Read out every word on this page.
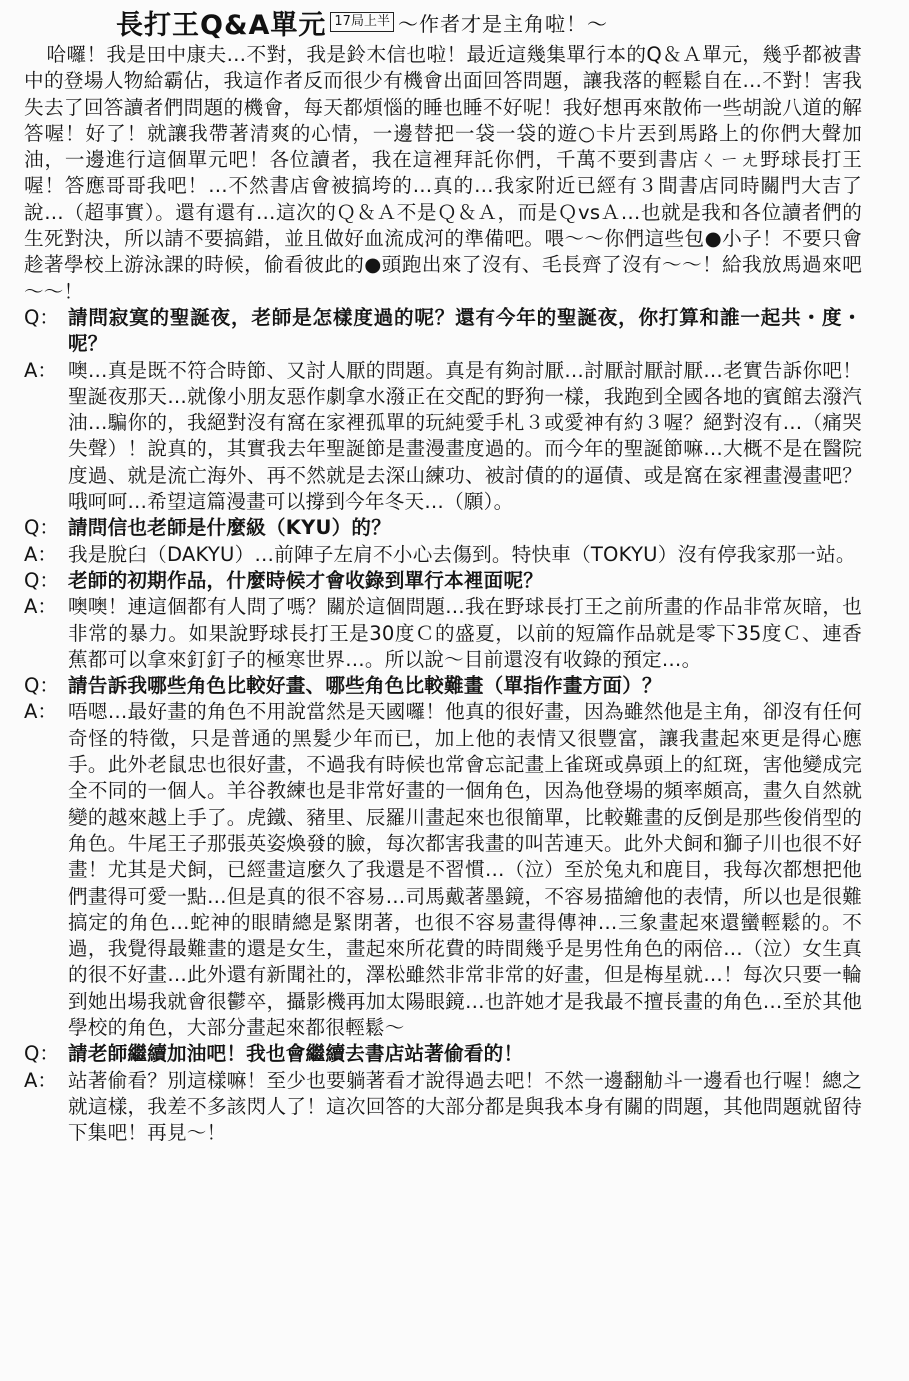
長打王Q&A單元 17局上半 ～作者才是主角啦！～

哈囉！我是田中康夫…不對，我是鈴木信也啦！最近這幾集單行本的Q＆Ａ單元，幾乎都被書中的登場人物給霸佔，我這作者反而很少有機會出面回答問題，讓我落的輕鬆自在…不對！害我失去了回答讀者們問題的機會，每天都煩惱的睡也睡不好呢！我好想再來散佈一些胡說八道的解答喔！好了！就讓我帶著清爽的心情，一邊替把一袋一袋的遊○卡片丟到馬路上的你們大聲加油，一邊進行這個單元吧！各位讀者，我在這裡拜託你們，千萬不要到書店ㄑㄧㄤ野球長打王喔！答應哥哥我吧！…不然書店會被搞垮的…真的…我家附近已經有３間書店同時關門大吉了說…（超事實）。還有還有…這次的Ｑ＆Ａ不是Ｑ＆Ａ，而是ＱvsＡ…也就是我和各位讀者們的生死對決，所以請不要搞錯，並且做好血流成河的準備吧。喂～～你們這些包●小子！不要只會趁著學校上游泳課的時候，偷看彼此的●頭跑出來了沒有、毛長齊了沒有～～！給我放馬過來吧～～！

Q： 請問寂寞的聖誕夜，老師是怎樣度過的呢？還有今年的聖誕夜，你打算和誰一起共・度・呢？
A： 噢…真是既不符合時節、又討人厭的問題。真是有夠討厭…討厭討厭討厭…老實告訴你吧！聖誕夜那天…就像小朋友惡作劇拿水潑正在交配的野狗一樣，我跑到全國各地的賓館去潑汽油…騙你的，我絕對沒有窩在家裡孤單的玩純愛手札３或愛神有約３喔？絕對沒有…（痛哭失聲）！說真的，其實我去年聖誕節是畫漫畫度過的。而今年的聖誕節嘛…大概不是在醫院度過、就是流亡海外、再不然就是去深山練功、被討債的的逼債、或是窩在家裡畫漫畫吧？哦呵呵…希望這篇漫畫可以撐到今年冬天…（願）。
Q： 請問信也老師是什麼級（KYU）的？
A： 我是脫臼（DAKYU）…前陣子左肩不小心去傷到。特快車（TOKYU）沒有停我家那一站。
Q： 老師的初期作品，什麼時候才會收錄到單行本裡面呢？
A： 噢噢！連這個都有人問了嗎？關於這個問題…我在野球長打王之前所畫的作品非常灰暗，也非常的暴力。如果說野球長打王是30度Ｃ的盛夏，以前的短篇作品就是零下35度Ｃ、連香蕉都可以拿來釘釘子的極寒世界…。所以說～目前還沒有收錄的預定…。
Q： 請告訴我哪些角色比較好畫、哪些角色比較難畫（單指作畫方面）？
A： 唔嗯…最好畫的角色不用說當然是天國囉！他真的很好畫，因為雖然他是主角，卻沒有任何奇怪的特徵，只是普通的黑髮少年而已，加上他的表情又很豐富，讓我畫起來更是得心應手。此外老鼠忠也很好畫，不過我有時候也常會忘記畫上雀斑或鼻頭上的紅斑，害他變成完全不同的一個人。羊谷教練也是非常好畫的一個角色，因為他登場的頻率頗高，畫久自然就變的越來越上手了。虎鐵、豬里、辰羅川畫起來也很簡單，比較難畫的反倒是那些俊俏型的角色。牛尾王子那張英姿煥發的臉，每次都害我畫的叫苦連天。此外犬飼和獅子川也很不好畫！尤其是犬飼，已經畫這麼久了我還是不習慣…（泣）至於兔丸和鹿目，我每次都想把他們畫得可愛一點…但是真的很不容易…司馬戴著墨鏡，不容易描繪他的表情，所以也是很難搞定的角色…蛇神的眼睛總是緊閉著，也很不容易畫得傳神…三象畫起來還蠻輕鬆的。不過，我覺得最難畫的還是女生，畫起來所花費的時間幾乎是男性角色的兩倍…（泣）女生真的很不好畫…此外還有新聞社的，澤松雖然非常非常的好畫，但是梅星就…！每次只要一輪到她出場我就會很鬱卒，攝影機再加太陽眼鏡…也許她才是我最不擅長畫的角色…至於其他學校的角色，大部分畫起來都很輕鬆～
Q： 請老師繼續加油吧！我也會繼續去書店站著偷看的！
A： 站著偷看？別這樣嘛！至少也要躺著看才說得過去吧！不然一邊翻觔斗一邊看也行喔！總之就這樣，我差不多該閃人了！這次回答的大部分都是與我本身有關的問題，其他問題就留待下集吧！再見～！
